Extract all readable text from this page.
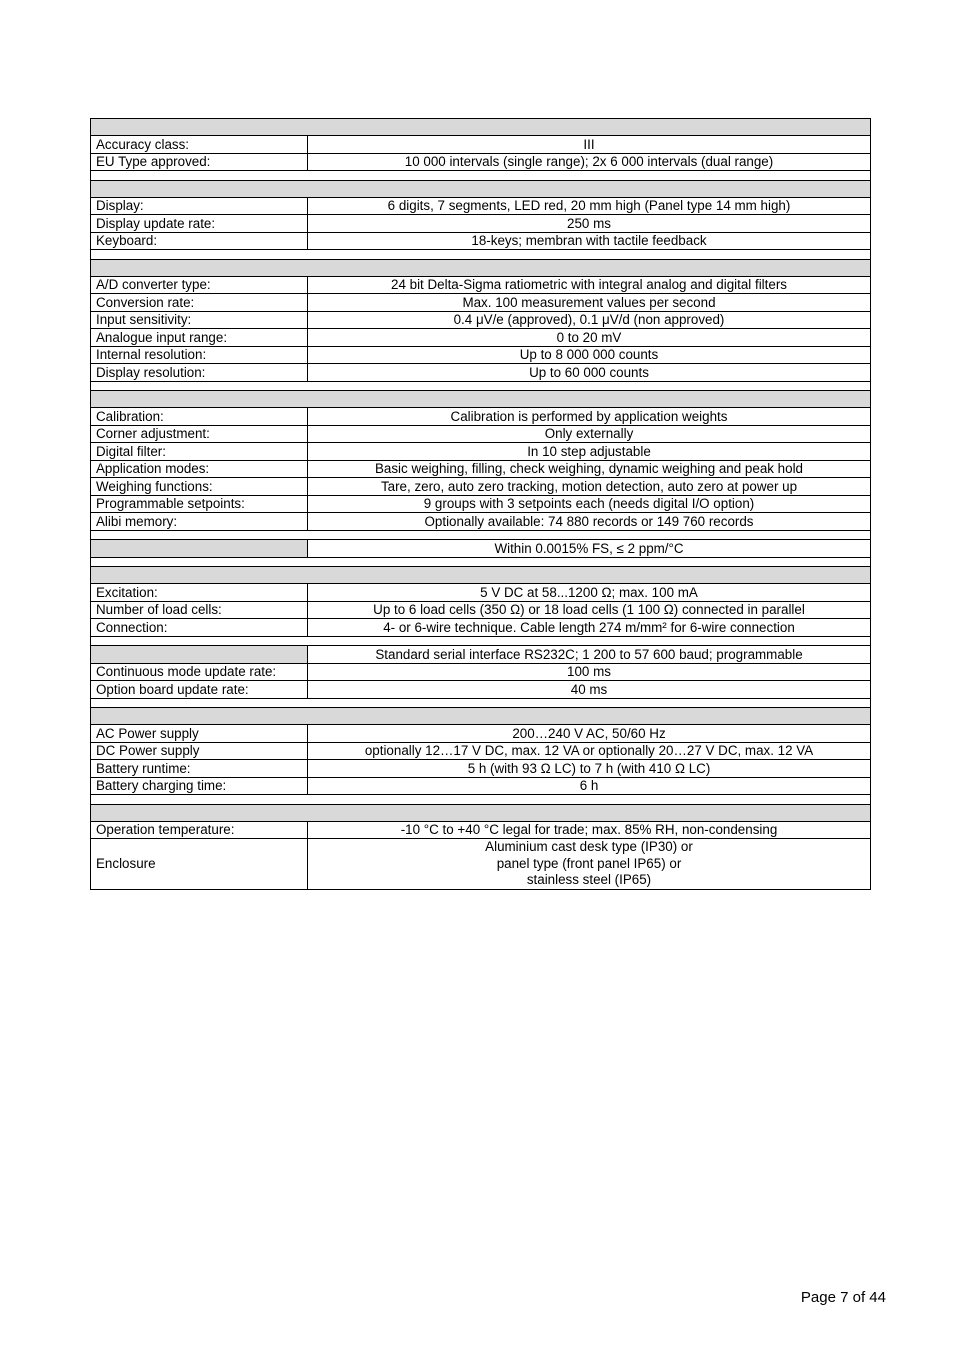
Accuracy class:	III
EU Type approved:	10 000 intervals (single range); 2x 6 000 intervals (dual range)

Display:	6 digits, 7 segments, LED red, 20 mm high (Panel type 14 mm high)
Display update rate:	250 ms
Keyboard:	18-keys; membran with tactile feedback

A/D converter type:	24 bit Delta-Sigma ratiometric with integral analog and digital filters
Conversion rate:	Max. 100 measurement values per second
Input sensitivity:	0.4 μV/e (approved), 0.1 μV/d (non approved)
Analogue input range:	0 to 20 mV
Internal resolution:	Up to 8 000 000 counts
Display resolution:	Up to 60 000 counts

Calibration:	Calibration is performed by application weights
Corner adjustment:	Only externally
Digital filter:	In 10 step adjustable
Application modes:	Basic weighing, filling, check weighing, dynamic weighing and peak hold
Weighing functions:	Tare, zero, auto zero tracking, motion detection, auto zero at power up
Programmable setpoints:	9 groups with 3 setpoints each (needs digital I/O option)
Alibi memory:	Optionally available: 74 880 records or 149 760 records

	Within 0.0015% FS, ≤ 2 ppm/°C

Excitation:	5 V DC at 58...1200 Ω; max. 100 mA
Number of load cells:	Up to 6 load cells (350 Ω) or 18 load cells (1 100 Ω) connected in parallel
Connection:	4- or 6-wire technique. Cable length 274 m/mm² for 6-wire connection

	Standard serial interface RS232C; 1 200 to 57 600 baud; programmable
Continuous mode update rate:	100 ms
Option board update rate:	40 ms

AC Power supply	200…240 V AC, 50/60 Hz
DC Power supply	optionally 12…17 V DC, max. 12 VA or optionally 20…27 V DC, max. 12 VA
Battery runtime:	5 h (with 93 Ω LC) to 7 h (with 410 Ω LC)
Battery charging time:	6 h

Operation temperature:	-10 °C to +40 °C legal for trade; max. 85% RH, non-condensing
Enclosure	Aluminium cast desk type (IP30) or
panel type (front panel IP65) or
stainless steel (IP65)
Page 7 of 44
